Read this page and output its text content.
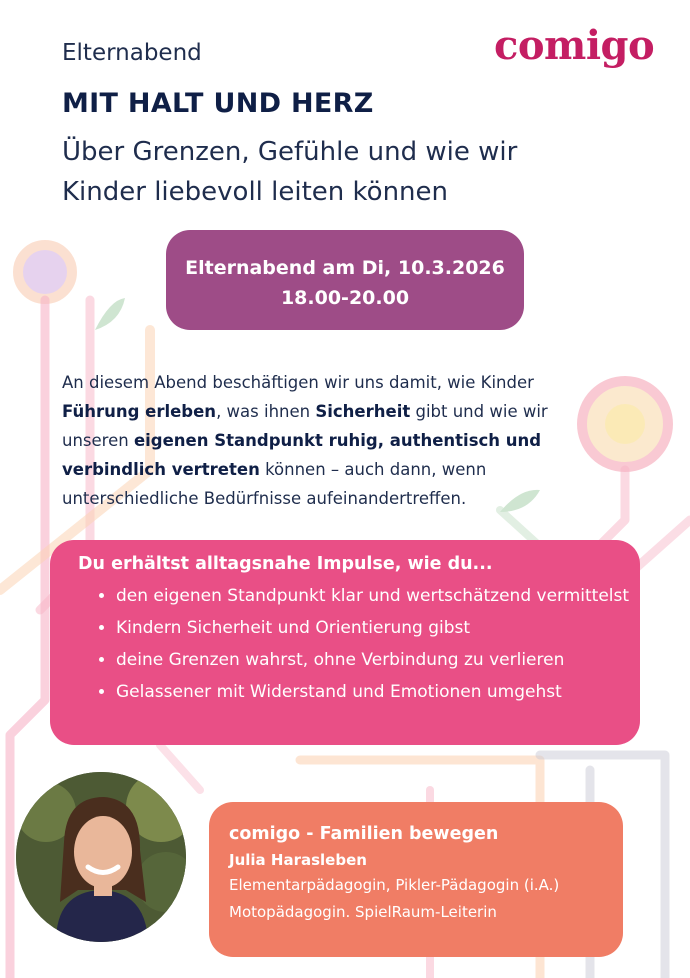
Elternabend	comigo
MIT HALT UND HERZ
Über Grenzen, Gefühle und wie wir
Kinder liebevoll leiten können
Elternabend am Di, 10.3.2026
18.00-20.00

An diesem Abend beschäftigen wir uns damit, wie Kinder

Führung erleben, was ihnen Sicherheit gibt und wie wir

unseren eigenen Standpunkt ruhig, authentisch und

verbindlich vertreten können – auch dann, wenn

unterschiedliche Bedürfnisse aufeinandertreffen.

Du erhältst alltagsnahe Impulse, wie du...
• den eigenen Standpunkt klar und wertschätzend vermittelst
• Kindern Sicherheit und Orientierung gibst
• deine Grenzen wahrst, ohne Verbindung zu verlieren
• Gelassener mit Widerstand und Emotionen umgehst
comigo - Familien bewegen
Julia Harasleben
Elementarpädagogin, Pikler-Pädagogin (i.A.)
Motopädagogin. SpielRaum-Leiterin
